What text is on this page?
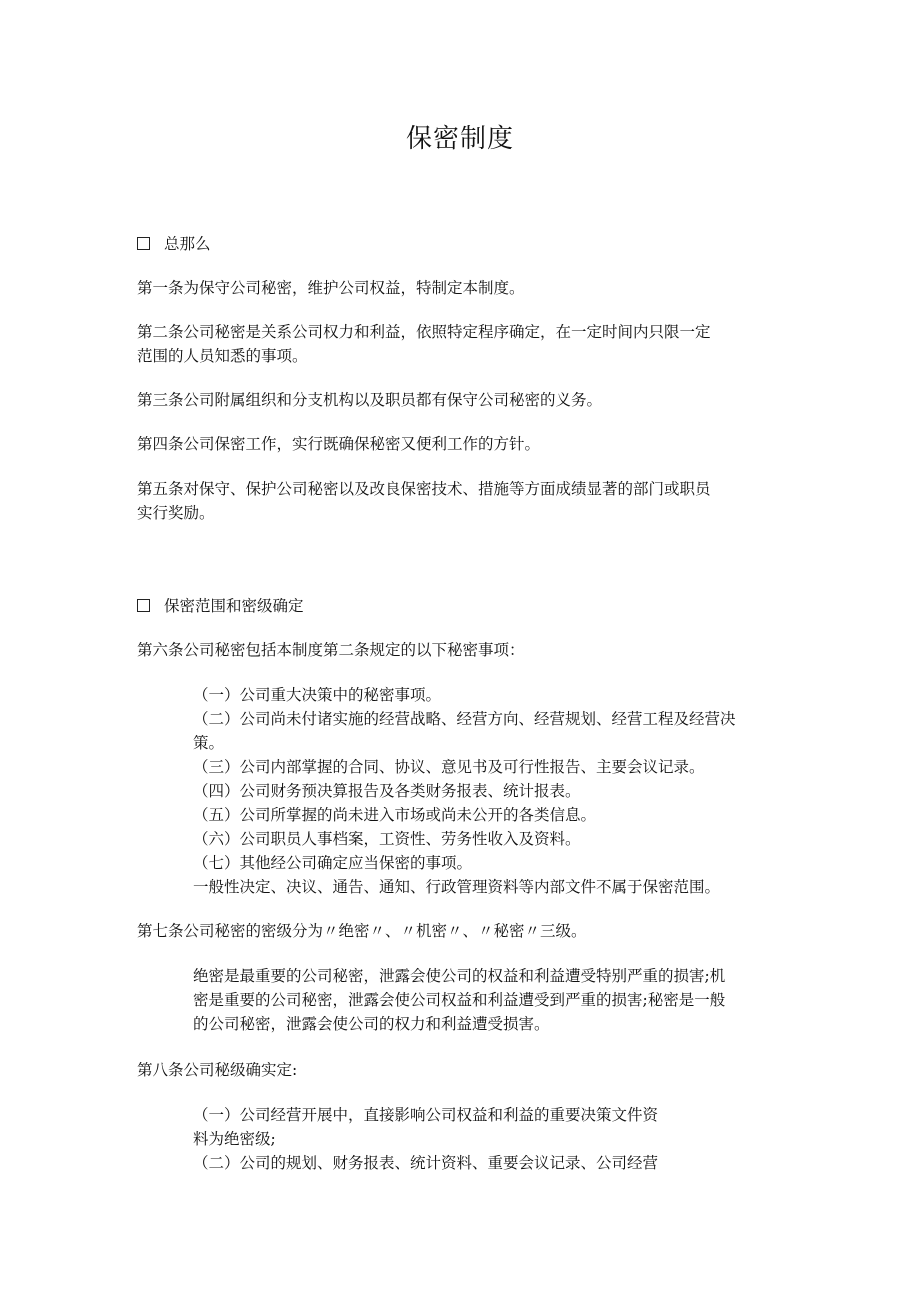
保密制度
总那么
第一条为保守公司秘密，维护公司权益，特制定本制度。
第二条公司秘密是关系公司权力和利益，依照特定程序确定，在一定时间内只限一定
范围的人员知悉的事项。
第三条公司附属组织和分支机构以及职员都有保守公司秘密的义务。
第四条公司保密工作，实行既确保秘密又便利工作的方针。
第五条对保守、保护公司秘密以及改良保密技术、措施等方面成绩显著的部门或职员
实行奖励。
保密范围和密级确定
第六条公司秘密包括本制度第二条规定的以下秘密事项：
（一）公司重大决策中的秘密事项。
（二）公司尚未付诸实施的经营战略、经营方向、经营规划、经营工程及经营决
策。
（三）公司内部掌握的合同、协议、意见书及可行性报告、主要会议记录。
（四）公司财务预决算报告及各类财务报表、统计报表。
（五）公司所掌握的尚未进入市场或尚未公开的各类信息。
（六）公司职员人事档案，工资性、劳务性收入及资料。
（七）其他经公司确定应当保密的事项。
一般性决定、决议、通告、通知、行政管理资料等内部文件不属于保密范围。
第七条公司秘密的密级分为〃绝密〃、〃机密〃、〃秘密〃三级。
绝密是最重要的公司秘密，泄露会使公司的权益和利益遭受特别严重的损害;机
密是重要的公司秘密，泄露会使公司权益和利益遭受到严重的损害;秘密是一般
的公司秘密，泄露会使公司的权力和利益遭受损害。
第八条公司秘级确实定:
（一）公司经营开展中，直接影响公司权益和利益的重要决策文件资
料为绝密级;
（二）公司的规划、财务报表、统计资料、重要会议记录、公司经营
